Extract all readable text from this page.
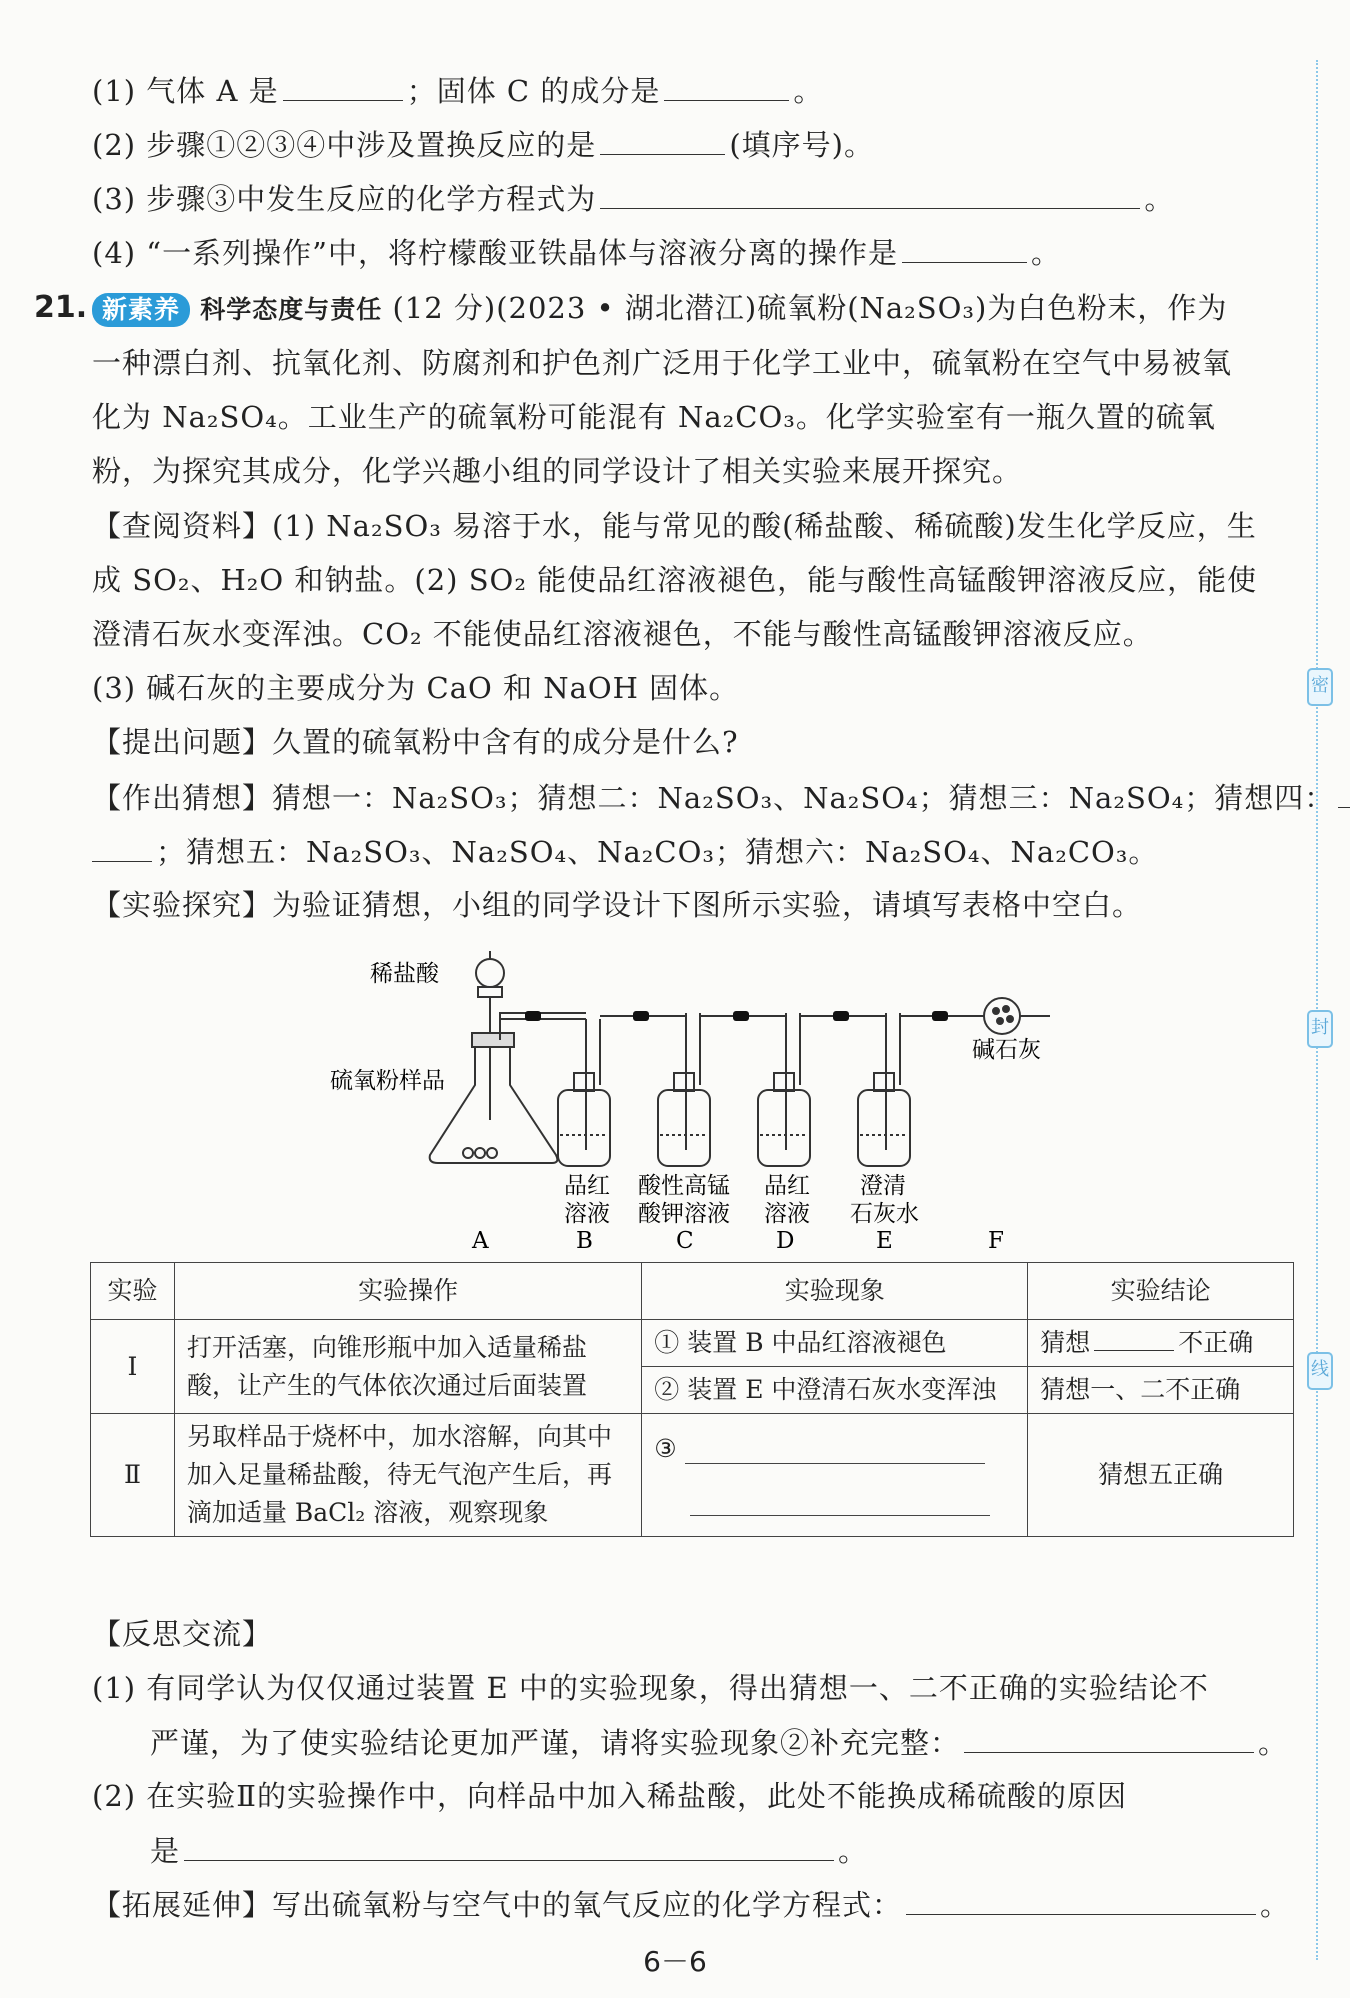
密
封
线
(1) 气体 A 是	；固体 C 的成分是	。
(2) 步骤①②③④中涉及置换反应的是	(填序号)。
(3) 步骤③中发生反应的化学方程式为	。
(4) “一系列操作”中，将柠檬酸亚铁晶体与溶液分离的操作是	。
21. 新素养 科学态度与责任 (12 分)(2023 • 湖北潜江)硫氧粉(Na₂SO₃)为白色粉末，作为
一种漂白剂、抗氧化剂、防腐剂和护色剂广泛用于化学工业中，硫氧粉在空气中易被氧
化为 Na₂SO₄。工业生产的硫氧粉可能混有 Na₂CO₃。化学实验室有一瓶久置的硫氧
粉，为探究其成分，化学兴趣小组的同学设计了相关实验来展开探究。
【查阅资料】(1) Na₂SO₃ 易溶于水，能与常见的酸(稀盐酸、稀硫酸)发生化学反应，生
成 SO₂、H₂O 和钠盐。(2) SO₂ 能使品红溶液褪色，能与酸性高锰酸钾溶液反应，能使
澄清石灰水变浑浊。CO₂ 不能使品红溶液褪色，不能与酸性高锰酸钾溶液反应。
(3) 碱石灰的主要成分为 CaO 和 NaOH 固体。
【提出问题】久置的硫氧粉中含有的成分是什么?
【作出猜想】猜想一：Na₂SO₃；猜想二：Na₂SO₃、Na₂SO₄；猜想三：Na₂SO₄；猜想四：
；猜想五：Na₂SO₃、Na₂SO₄、Na₂CO₃；猜想六：Na₂SO₄、Na₂CO₃。
【实验探究】为验证猜想，小组的同学设计下图所示实验，请填写表格中空白。
稀盐酸
硫氧粉样品
碱石灰
品红
溶液
酸性高锰
酸钾溶液
品红
溶液
澄清
石灰水
A	B	C	D	E	F
实验	实验操作	实验现象	实验结论
Ⅰ	打开活塞，向锥形瓶中加入适量稀盐
酸，让产生的气体依次通过后面装置	① 装置 B 中品红溶液褪色	猜想 不正确
		② 装置 E 中澄清石灰水变浑浊	猜想一、二不正确
Ⅱ	另取样品于烧杯中，加水溶解，向其中
加入足量稀盐酸，待无气泡产生后，再
滴加适量 BaCl₂ 溶液，观察现象	③	猜想五正确
【反思交流】
(1) 有同学认为仅仅通过装置 E 中的实验现象，得出猜想一、二不正确的实验结论不
严谨，为了使实验结论更加严谨，请将实验现象②补充完整：	。
(2) 在实验Ⅱ的实验操作中，向样品中加入稀盐酸，此处不能换成稀硫酸的原因
是	。
【拓展延伸】写出硫氧粉与空气中的氧气反应的化学方程式：	。
6－6
